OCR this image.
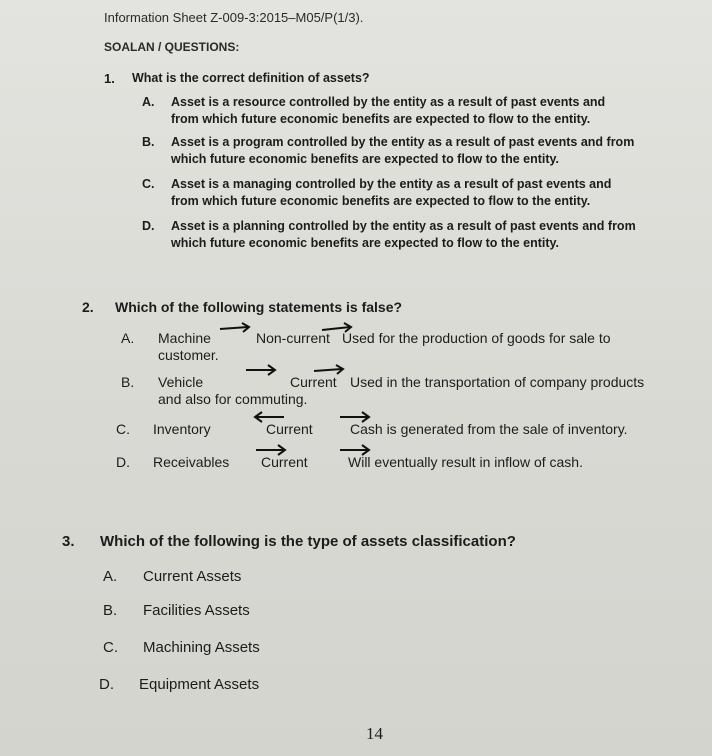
Information Sheet Z-009-3:2015–M05/P(1/3).
SOALAN / QUESTIONS:
1. What is the correct definition of assets?
A. Asset is a resource controlled by the entity as a result of past events and
from which future economic benefits are expected to flow to the entity.
B. Asset is a program controlled by the entity as a result of past events and from
which future economic benefits are expected to flow to the entity.
C. Asset is a managing controlled by the entity as a result of past events and
from which future economic benefits are expected to flow to the entity.
D. Asset is a planning controlled by the entity as a result of past events and from
which future economic benefits are expected to flow to the entity.
2. Which of the following statements is false?
A. Machine	Non-current Used for the production of goods for sale to
customer.
B. Vehicle	Current Used in the transportation of company products
and also for commuting.
C. Inventory	Current	Cash is generated from the sale of inventory.
D. Receivables Current	Will eventually result in inflow of cash.
3. Which of the following is the type of assets classification?
A. Current Assets
B. Facilities Assets
C. Machining Assets
D. Equipment Assets
14
